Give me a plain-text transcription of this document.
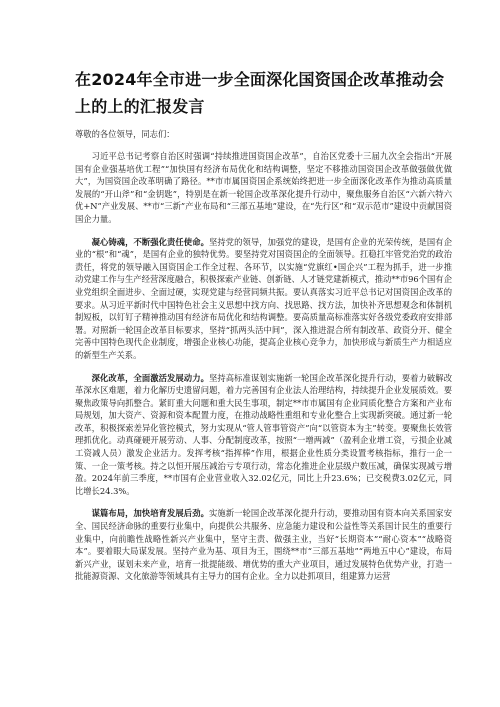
在2024年全市进一步全面深化国资国企改革推动会上的上的汇报发言

尊敬的各位领导，同志们：

习近平总书记考察自治区时强调“持续推进国资国企改革”，自治区党委十三届九次全会指出“开展国有企业强基培优工程”“加快国有经济布局优化和结构调整，坚定不移推动国资国企改革做强做优做大”，为国资国企改革明确了路径。**市市属国资国企系统始终把进一步全面深化改革作为推动高质量发展的“开山斧”和“金钥匙”，特别是在新一轮国企改革深化提升行动中，聚焦服务自治区“六新六特六优+N”产业发展、**市“三新”产业布局和“三部五基地”建设，在“先行区”和“双示范市”建设中贡献国资国企力量。

凝心铸魂，不断强化责任使命。坚持党的领导，加强党的建设，是国有企业的光荣传统，是国有企业的“根”和“魂”，是国有企业的独特优势。要坚持党对国资国企的全面领导。扛稳扛牢管党治党的政治责任，将党的领导融入国资国企工作全过程、各环节，以实施“党旗红•国企兴”工程为抓手，进一步推动党建工作与生产经营深度融合，积极探索产业链、创新链、人才链党建新模式，推动**市96个国有企业党组织全面进步、全面过硬，实现党建与经营同频共振。要认真落实习近平总书记对国资国企改革的要求。从习近平新时代中国特色社会主义思想中找方向、找思路、找方法，加快补齐思想观念和体制机制短板，以钉钉子精神推动国有经济布局优化和结构调整。要高质量高标准落实好各级党委政府安排部署。对照新一轮国企改革目标要求，坚持“抓两头活中间”，深入推进混合所有制改革、政资分开、健全完善中国特色现代企业制度，增强企业核心功能，提高企业核心竞争力，加快形成与新质生产力相适应的新型生产关系。

深化改革，全面激活发展动力。坚持高标准谋划实施新一轮国企改革深化提升行动，要着力破解改革深水区难题，着力化解历史遗留问题，着力完善国有企业法人治理结构，持续提升企业发展质效。要聚焦政策导向抓整合。紧盯重大问题和重大民生事项，制定**市市属国有企业同质化整合方案和产业布局规划，加大资产、资源和资本配置力度，在推动战略性重组和专业化整合上实现新突破。通过新一轮改革，积极探索差异化管控模式，努力实现从“管人管事管资产”向“以管资本为主”转变。要聚焦长效管理抓优化。动真碰硬开展劳动、人事、分配制度改革，按照“一增两减”（盈利企业增工资，亏损企业减工资减人员）激发企业活力。发挥考核“指挥棒”作用，根据企业性质分类设置考核指标，推行一企一策、一企一策考核。持之以恒开展压减治亏专项行动，常态化推进企业层级户数压减，确保实现减亏增盈。2024年前三季度，**市国有企业营业收入32.02亿元，同比上升23.6%；已交税费3.02亿元，同比增长24.3%。

谋篇布局，加快培育发展后劲。实施新一轮国企改革深化提升行动，要推动国有资本向关系国家安全、国民经济命脉的重要行业集中，向提供公共服务、应急能力建设和公益性等关系国计民生的重要行业集中，向前瞻性战略性新兴产业集中，坚守主责、做强主业，当好“长期资本”“耐心资本”“战略资本”。要着眼大局谋发展。坚持产业为基、项目为王，围绕**市“三部五基地”“两地五中心”建设，布局新兴产业，谋划未来产业，培育一批提能级、增优势的重大产业项目，通过发展特色优势产业，打造一批能源资源、文化旅游等领域具有主导力的国有企业。全力以赴抓项目，组建算力运营
